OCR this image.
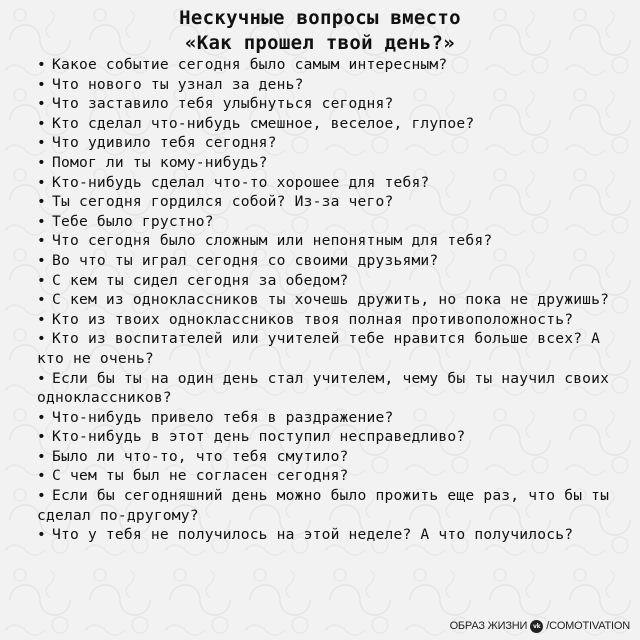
Нескучные вопросы вместо
«Как прошел твой день?»
• Какое событие сегодня было самым интересным?
• Что нового ты узнал за день?
• Что заставило тебя улыбнуться сегодня?
• Кто сделал что-нибудь смешное, веселое, глупое?
• Что удивило тебя сегодня?
• Помог ли ты кому-нибудь?
• Кто-нибудь сделал что-то хорошее для тебя?
• Ты сегодня гордился собой? Из-за чего?
• Тебе было грустно?
• Что сегодня было сложным или непонятным для тебя?
• Во что ты играл сегодня со своими друзьями?
• С кем ты сидел сегодня за обедом?
• С кем из одноклассников ты хочешь дружить, но пока не дружишь?
• Кто из твоих одноклассников твоя полная противоположность?
• Кто из воспитателей или учителей тебе нравится больше всех? А кто не очень?
• Если бы ты на один день стал учителем, чему бы ты научил своих одноклассников?
• Что-нибудь привело тебя в раздражение?
• Кто-нибудь в этот день поступил несправедливо?
• Было ли что-то, что тебя смутило?
• С чем ты был не согласен сегодня?
• Если бы сегодняшний день можно было прожить еще раз, что бы ты сделал по-другому?
• Что у тебя не получилось на этой неделе? А что получилось?
ОБРАЗ ЖИЗНИ vk /COMOTIVATION
